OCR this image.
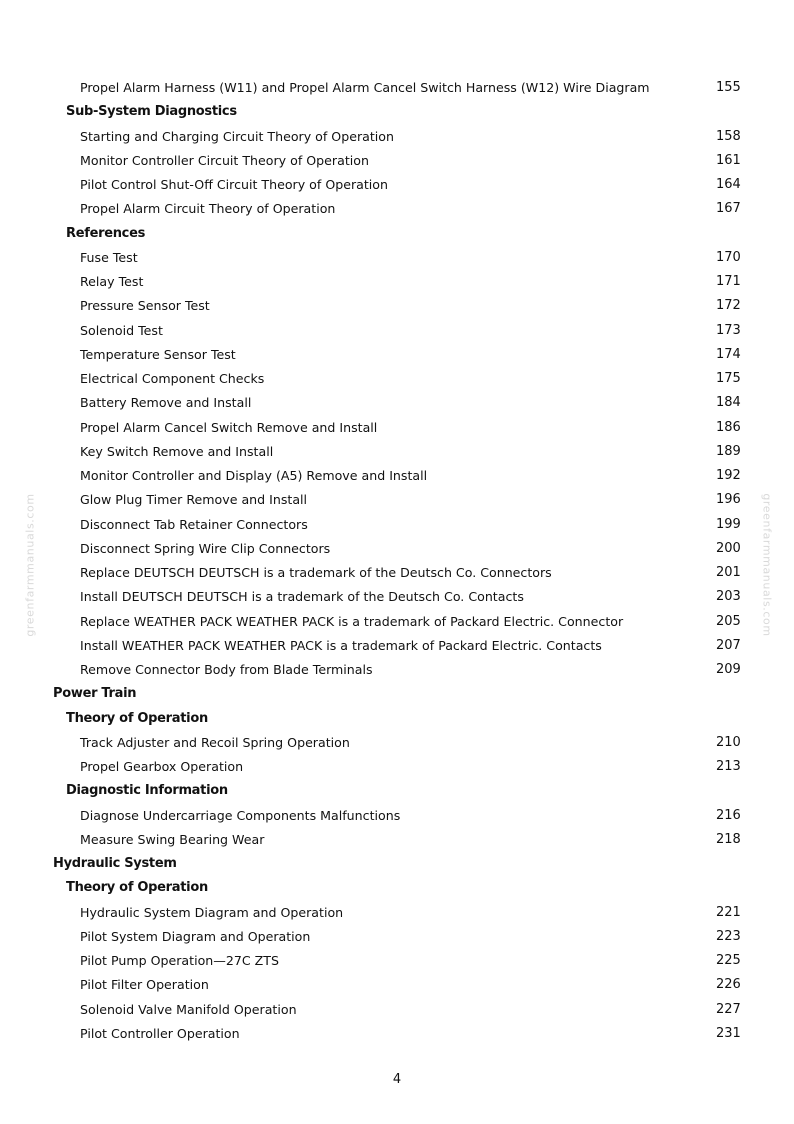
Propel Alarm Harness (W11) and Propel Alarm Cancel Switch Harness (W12) Wire Diagram	155
Sub-System Diagnostics
Starting and Charging Circuit Theory of Operation	158
Monitor Controller Circuit Theory of Operation	161
Pilot Control Shut-Off Circuit Theory of Operation	164
Propel Alarm Circuit Theory of Operation	167
References
Fuse Test	170
Relay Test	171
Pressure Sensor Test	172
Solenoid Test	173
Temperature Sensor Test	174
Electrical Component Checks	175
Battery Remove and Install	184
Propel Alarm Cancel Switch Remove and Install	186
Key Switch Remove and Install	189
Monitor Controller and Display (A5) Remove and Install	192
Glow Plug Timer Remove and Install	196
Disconnect Tab Retainer Connectors	199
Disconnect Spring Wire Clip Connectors	200
Replace DEUTSCH DEUTSCH is a trademark of the Deutsch Co. Connectors	201
Install DEUTSCH DEUTSCH is a trademark of the Deutsch Co. Contacts	203
Replace WEATHER PACK WEATHER PACK is a trademark of Packard Electric. Connector	205
Install WEATHER PACK WEATHER PACK is a trademark of Packard Electric. Contacts	207
Remove Connector Body from Blade Terminals	209
Power Train
Theory of Operation
Track Adjuster and Recoil Spring Operation	210
Propel Gearbox Operation	213
Diagnostic Information
Diagnose Undercarriage Components Malfunctions	216
Measure Swing Bearing Wear	218
Hydraulic System
Theory of Operation
Hydraulic System Diagram and Operation	221
Pilot System Diagram and Operation	223
Pilot Pump Operation—27C ZTS	225
Pilot Filter Operation	226
Solenoid Valve Manifold Operation	227
Pilot Controller Operation	231
greenfarmmanuals.com	greenfarmmanuals.com
4
